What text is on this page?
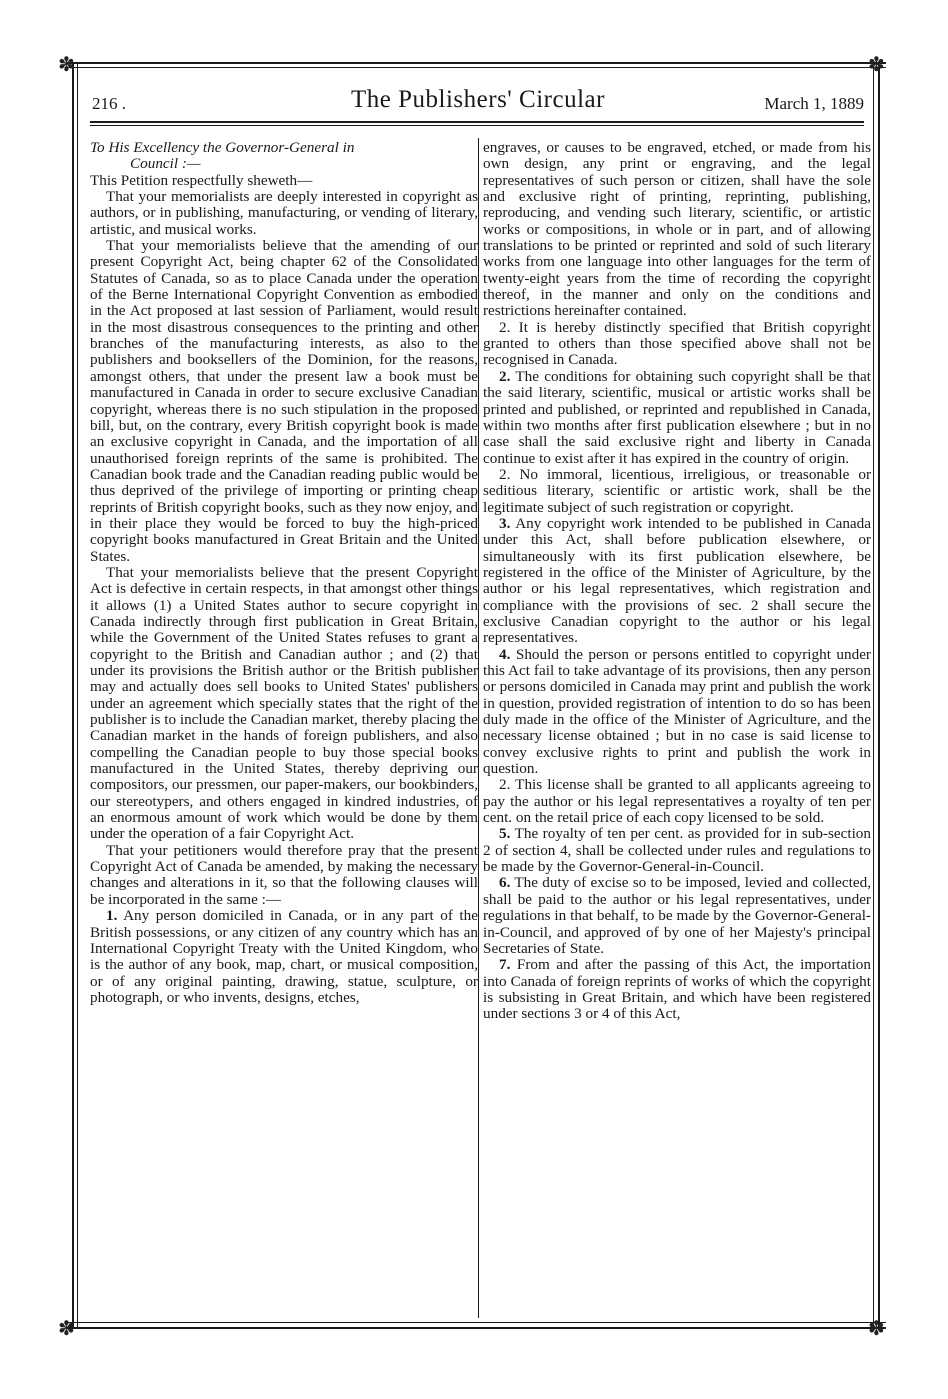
✽	✽
✽	✽
216 .	The Publishers' Circular	March 1, 1889

To His Excellency the Governor-General in
Council :—

This Petition respectfully sheweth—

That your memorialists are deeply interested in copyright as authors, or in publishing, manufacturing, or vending of literary, artistic, and musical works.

That your memorialists believe that the amending of our present Copyright Act, being chapter 62 of the Consolidated Statutes of Canada, so as to place Canada under the operation of the Berne International Copyright Convention as embodied in the Act proposed at last session of Parliament, would result in the most disastrous consequences to the printing and other branches of the manufacturing interests, as also to the publishers and booksellers of the Dominion, for the reasons, amongst others, that under the present law a book must be manufactured in Canada in order to secure exclusive Canadian copyright, whereas there is no such stipulation in the proposed bill, but, on the contrary, every British copyright book is made an exclusive copyright in Canada, and the importation of all unauthorised foreign reprints of the same is prohibited. The Canadian book trade and the Canadian reading public would be thus deprived of the privilege of importing or printing cheap reprints of British copyright books, such as they now enjoy, and in their place they would be forced to buy the high-priced copyright books manufactured in Great Britain and the United States.

That your memorialists believe that the present Copyright Act is defective in certain respects, in that amongst other things it allows (1) a United States author to secure copyright in Canada indirectly through first publication in Great Britain, while the Government of the United States refuses to grant a copyright to the British and Canadian author ; and (2) that under its provisions the British author or the British publisher may and actually does sell books to United States' publishers under an agreement which specially states that the right of the publisher is to include the Canadian market, thereby placing the Canadian market in the hands of foreign publishers, and also compelling the Canadian people to buy those special books manufactured in the United States, thereby depriving our compositors, our pressmen, our paper-makers, our bookbinders, our stereotypers, and others engaged in kindred industries, of an enormous amount of work which would be done by them under the operation of a fair Copyright Act.

That your petitioners would therefore pray that the present Copyright Act of Canada be amended, by making the necessary changes and alterations in it, so that the following clauses will be incorporated in the same :—

1. Any person domiciled in Canada, or in any part of the British possessions, or any citizen of any country which has an International Copyright Treaty with the United Kingdom, who is the author of any book, map, chart, or musical composition, or of any original painting, drawing, statue, sculpture, or photograph, or who invents, designs, etches,

engraves, or causes to be engraved, etched, or made from his own design, any print or engraving, and the legal representatives of such person or citizen, shall have the sole and exclusive right of printing, reprinting, publishing, reproducing, and vending such literary, scientific, or artistic works or compositions, in whole or in part, and of allowing translations to be printed or reprinted and sold of such literary works from one language into other languages for the term of twenty-eight years from the time of recording the copyright thereof, in the manner and only on the conditions and restrictions hereinafter contained.

2. It is hereby distinctly specified that British copyright granted to others than those specified above shall not be recognised in Canada.

2. The conditions for obtaining such copyright shall be that the said literary, scientific, musical or artistic works shall be printed and published, or reprinted and republished in Canada, within two months after first publication elsewhere ; but in no case shall the said exclusive right and liberty in Canada continue to exist after it has expired in the country of origin.

2. No immoral, licentious, irreligious, or treasonable or seditious literary, scientific or artistic work, shall be the legitimate subject of such registration or copyright.

3. Any copyright work intended to be published in Canada under this Act, shall before publication elsewhere, or simultaneously with its first publication elsewhere, be registered in the office of the Minister of Agriculture, by the author or his legal representatives, which registration and compliance with the provisions of sec. 2 shall secure the exclusive Canadian copyright to the author or his legal representatives.

4. Should the person or persons entitled to copyright under this Act fail to take advantage of its provisions, then any person or persons domiciled in Canada may print and publish the work in question, provided registration of intention to do so has been duly made in the office of the Minister of Agriculture, and the necessary license obtained ; but in no case is said license to convey exclusive rights to print and publish the work in question.

2. This license shall be granted to all applicants agreeing to pay the author or his legal representatives a royalty of ten per cent. on the retail price of each copy licensed to be sold.

5. The royalty of ten per cent. as provided for in sub-section 2 of section 4, shall be collected under rules and regulations to be made by the Governor-General-in-Council.

6. The duty of excise so to be imposed, levied and collected, shall be paid to the author or his legal representatives, under regulations in that behalf, to be made by the Governor-General-in-Council, and approved of by one of her Majesty's principal Secretaries of State.

7. From and after the passing of this Act, the importation into Canada of foreign reprints of works of which the copyright is subsisting in Great Britain, and which have been registered under sections 3 or 4 of this Act,
